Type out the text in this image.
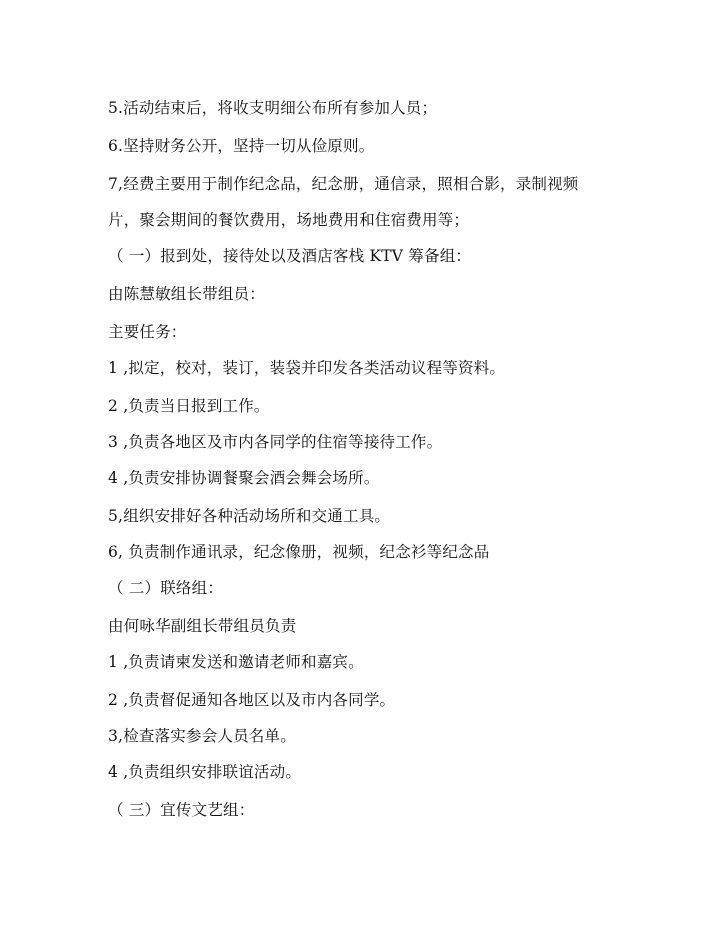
5.活动结束后，将收支明细公布所有参加人员；

6.坚持财务公开，坚持一切从俭原则。

7,经费主要用于制作纪念品，纪念册，通信录，照相合影，录制视频

片，聚会期间的餐饮费用，场地费用和住宿费用等；

（ 一）报到处，接待处以及酒店客栈 KTV 筹备组：

由陈慧敏组长带组员：

主要任务：

1 ,拟定，校对，装订，装袋并印发各类活动议程等资料。

2 ,负责当日报到工作。

3 ,负责各地区及市内各同学的住宿等接待工作。

4 ,负责安排协调餐聚会酒会舞会场所。

5,组织安排好各种活动场所和交通工具。

6, 负责制作通讯录，纪念像册，视频，纪念衫等纪念品

（ 二）联络组：

由何咏华副组长带组员负责

1 ,负责请柬发送和邀请老师和嘉宾。

2 ,负责督促通知各地区以及市内各同学。

3,检查落实参会人员名单。

4 ,负责组织安排联谊活动。

（ 三）宜传文艺组：
